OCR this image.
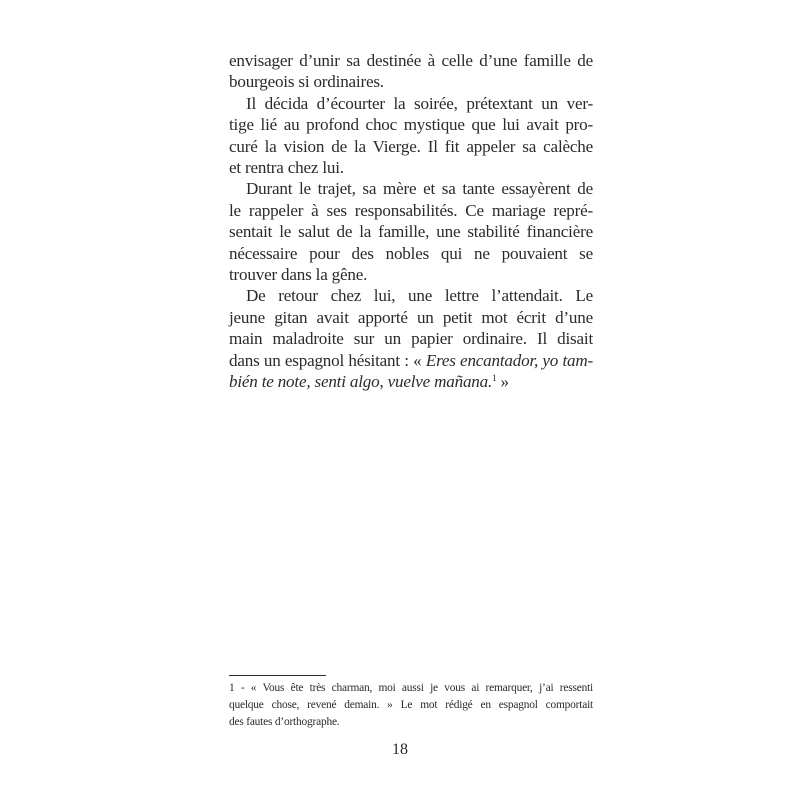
envisager d’unir sa destinée à celle d’une famille de
bourgeois si ordinaires.
Il décida d’écourter la soirée, prétextant un ver-
tige lié au profond choc mystique que lui avait pro-
curé la vision de la Vierge. Il fit appeler sa calèche
et rentra chez lui.
Durant le trajet, sa mère et sa tante essayèrent de
le rappeler à ses responsabilités. Ce mariage repré-
sentait le salut de la famille, une stabilité financière
nécessaire pour des nobles qui ne pouvaient se
trouver dans la gêne.
De retour chez lui, une lettre l’attendait. Le
jeune gitan avait apporté un petit mot écrit d’une
main maladroite sur un papier ordinaire. Il disait
dans un espagnol hésitant : « Eres encantador, yo tam-
bién te note, senti algo, vuelve mañana.$^1$ »
1 - « Vous ête très charman, moi aussi je vous ai remarquer, j’ai ressenti
quelque chose, revené demain. » Le mot rédigé en espagnol comportait
des fautes d’orthographe.
18
